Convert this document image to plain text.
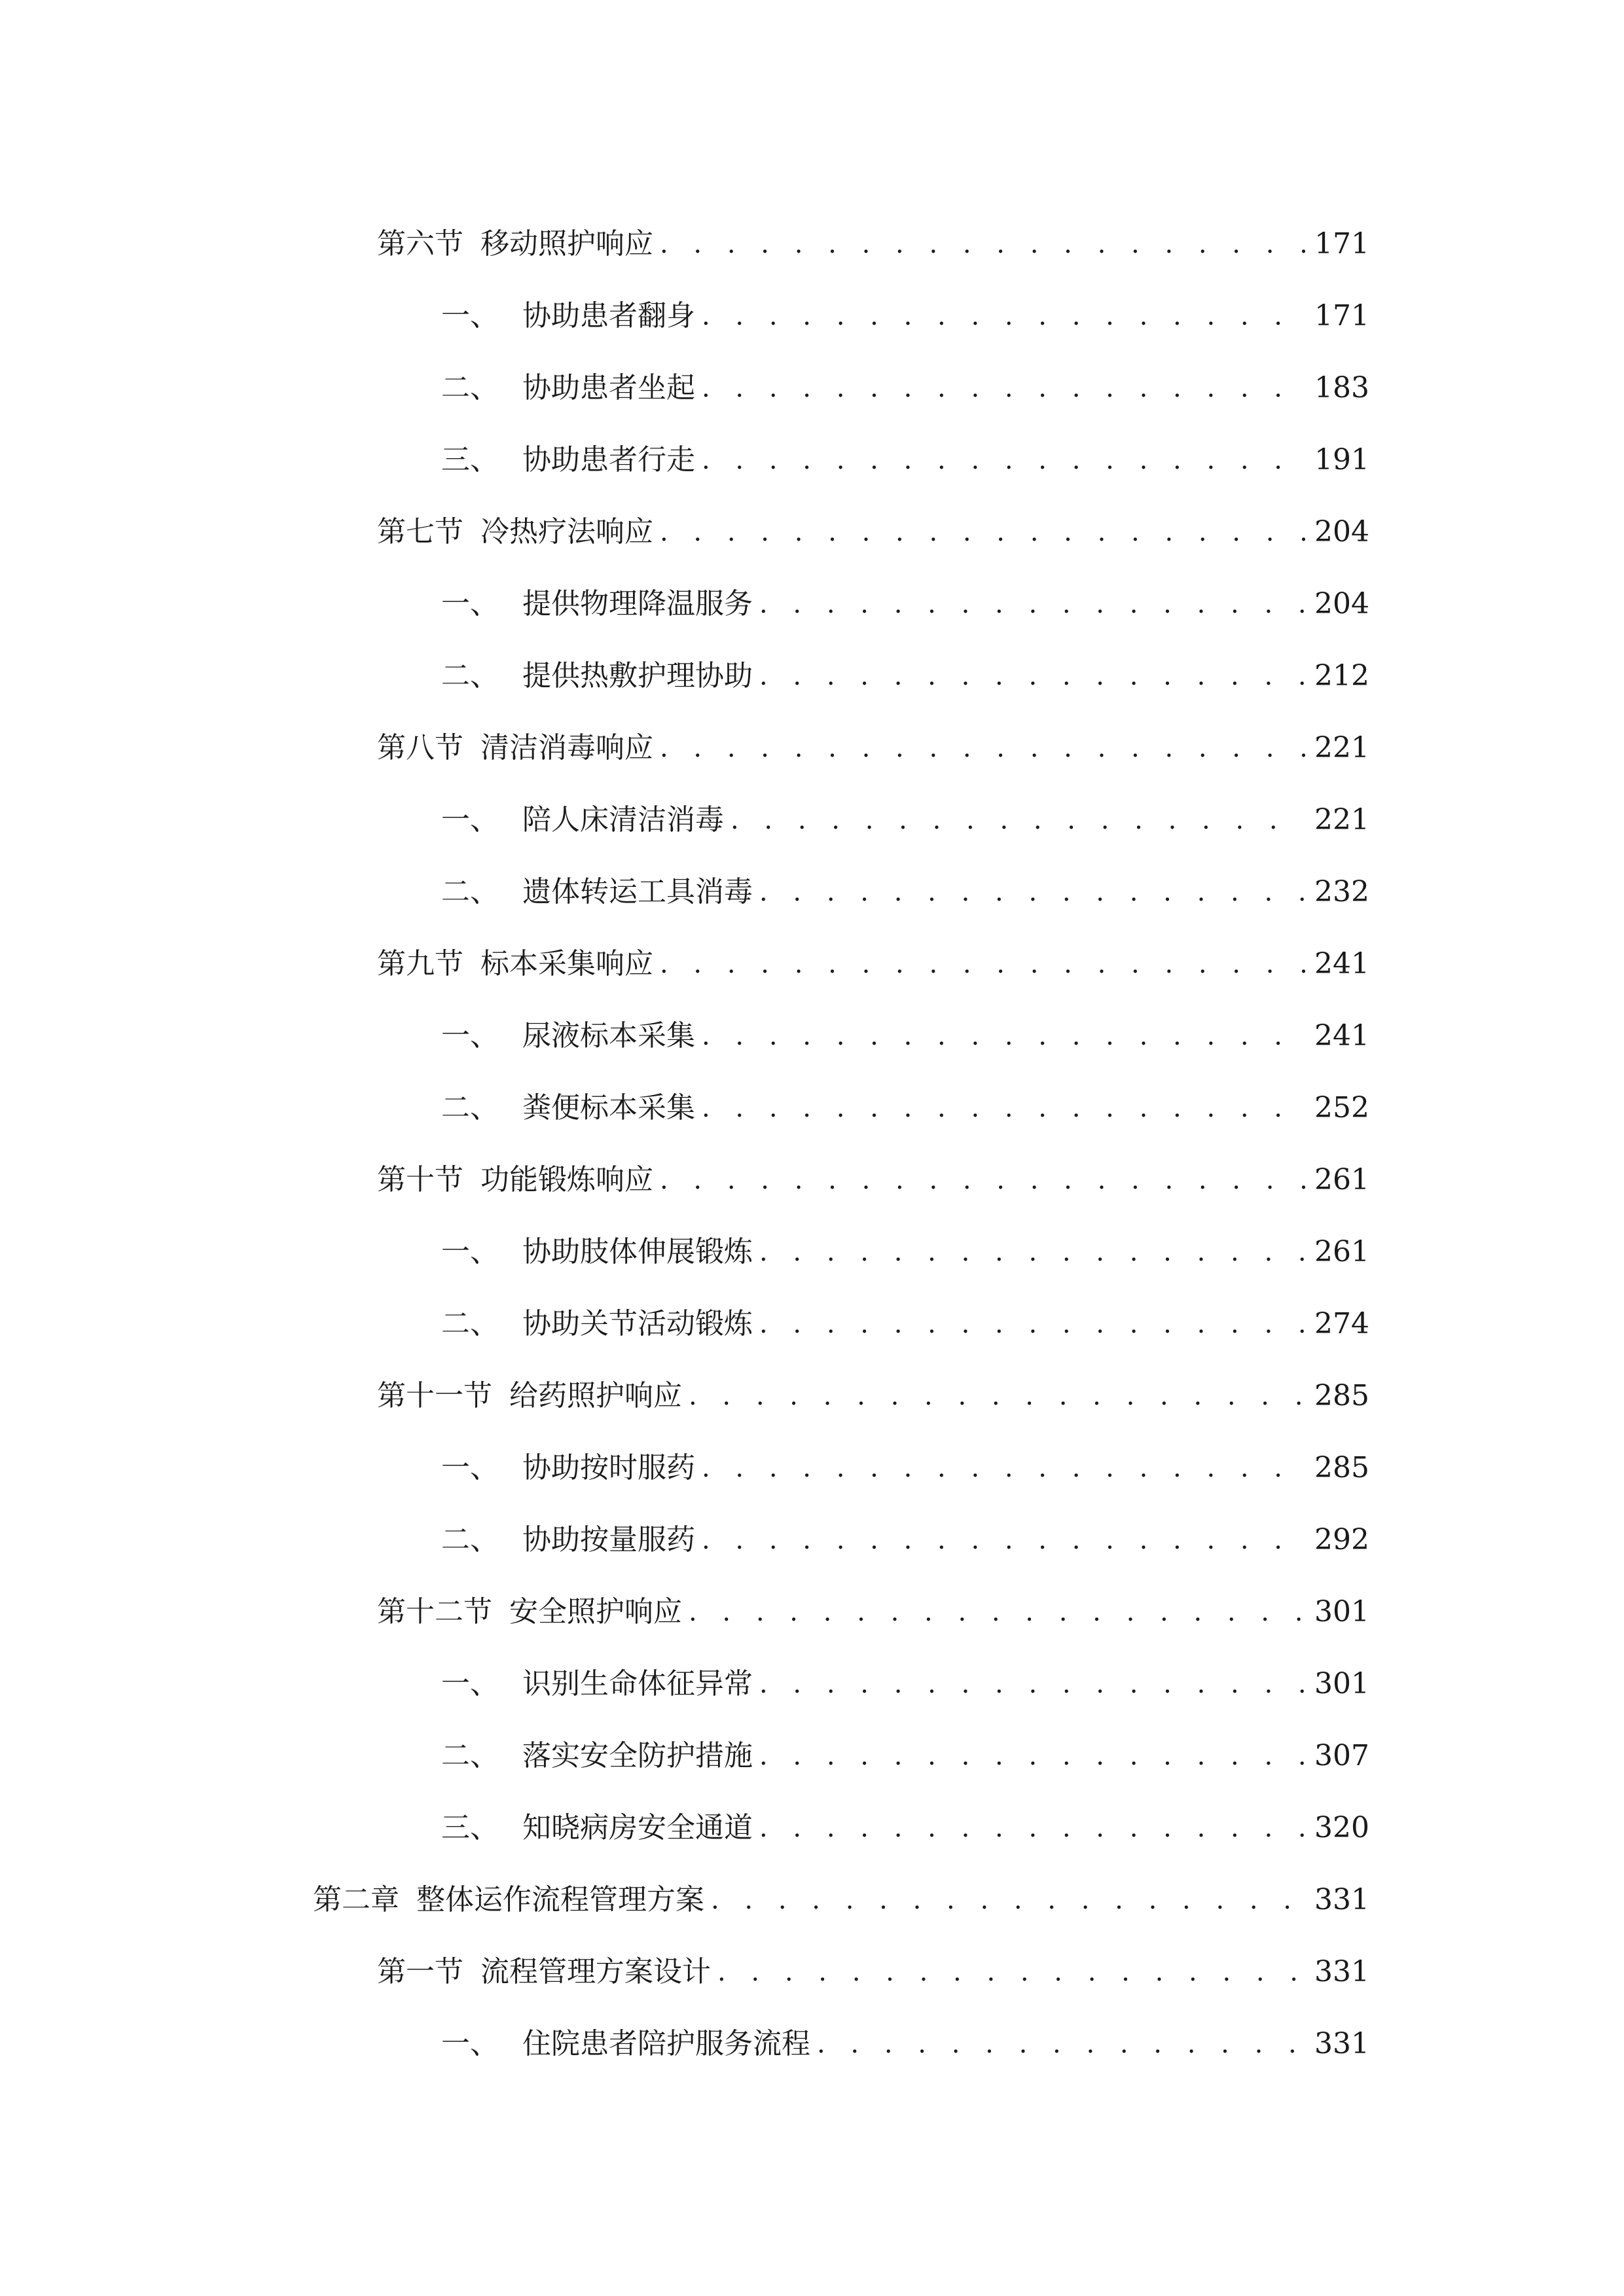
第六节 移动照护响应 . . .	171
一、 协助患者翻身 . . .	171
二、 协助患者坐起 . . .	183
三、 协助患者行走 . . .	191
第七节 冷热疗法响应 . . .	204
一、 提供物理降温服务 . . .	204
二、 提供热敷护理协助 . . .	212
第八节 清洁消毒响应 . . .	221
一、 陪人床清洁消毒 . . .	221
二、 遗体转运工具消毒 . . .	232
第九节 标本采集响应 . . .	241
一、 尿液标本采集 . . .	241
二、 粪便标本采集 . . .	252
第十节 功能锻炼响应 . . .	261
一、 协助肢体伸展锻炼 . . .	261
二、 协助关节活动锻炼 . . .	274
第十一节 给药照护响应 . . .	285
一、 协助按时服药 . . .	285
二、 协助按量服药 . . .	292
第十二节 安全照护响应 . . .	301
一、 识别生命体征异常 . . .	301
二、 落实安全防护措施 . . .	307
三、 知晓病房安全通道 . . .	320
第二章 整体运作流程管理方案 . . .	331
第一节 流程管理方案设计 . . .	331
一、 住院患者陪护服务流程 . . .	331
